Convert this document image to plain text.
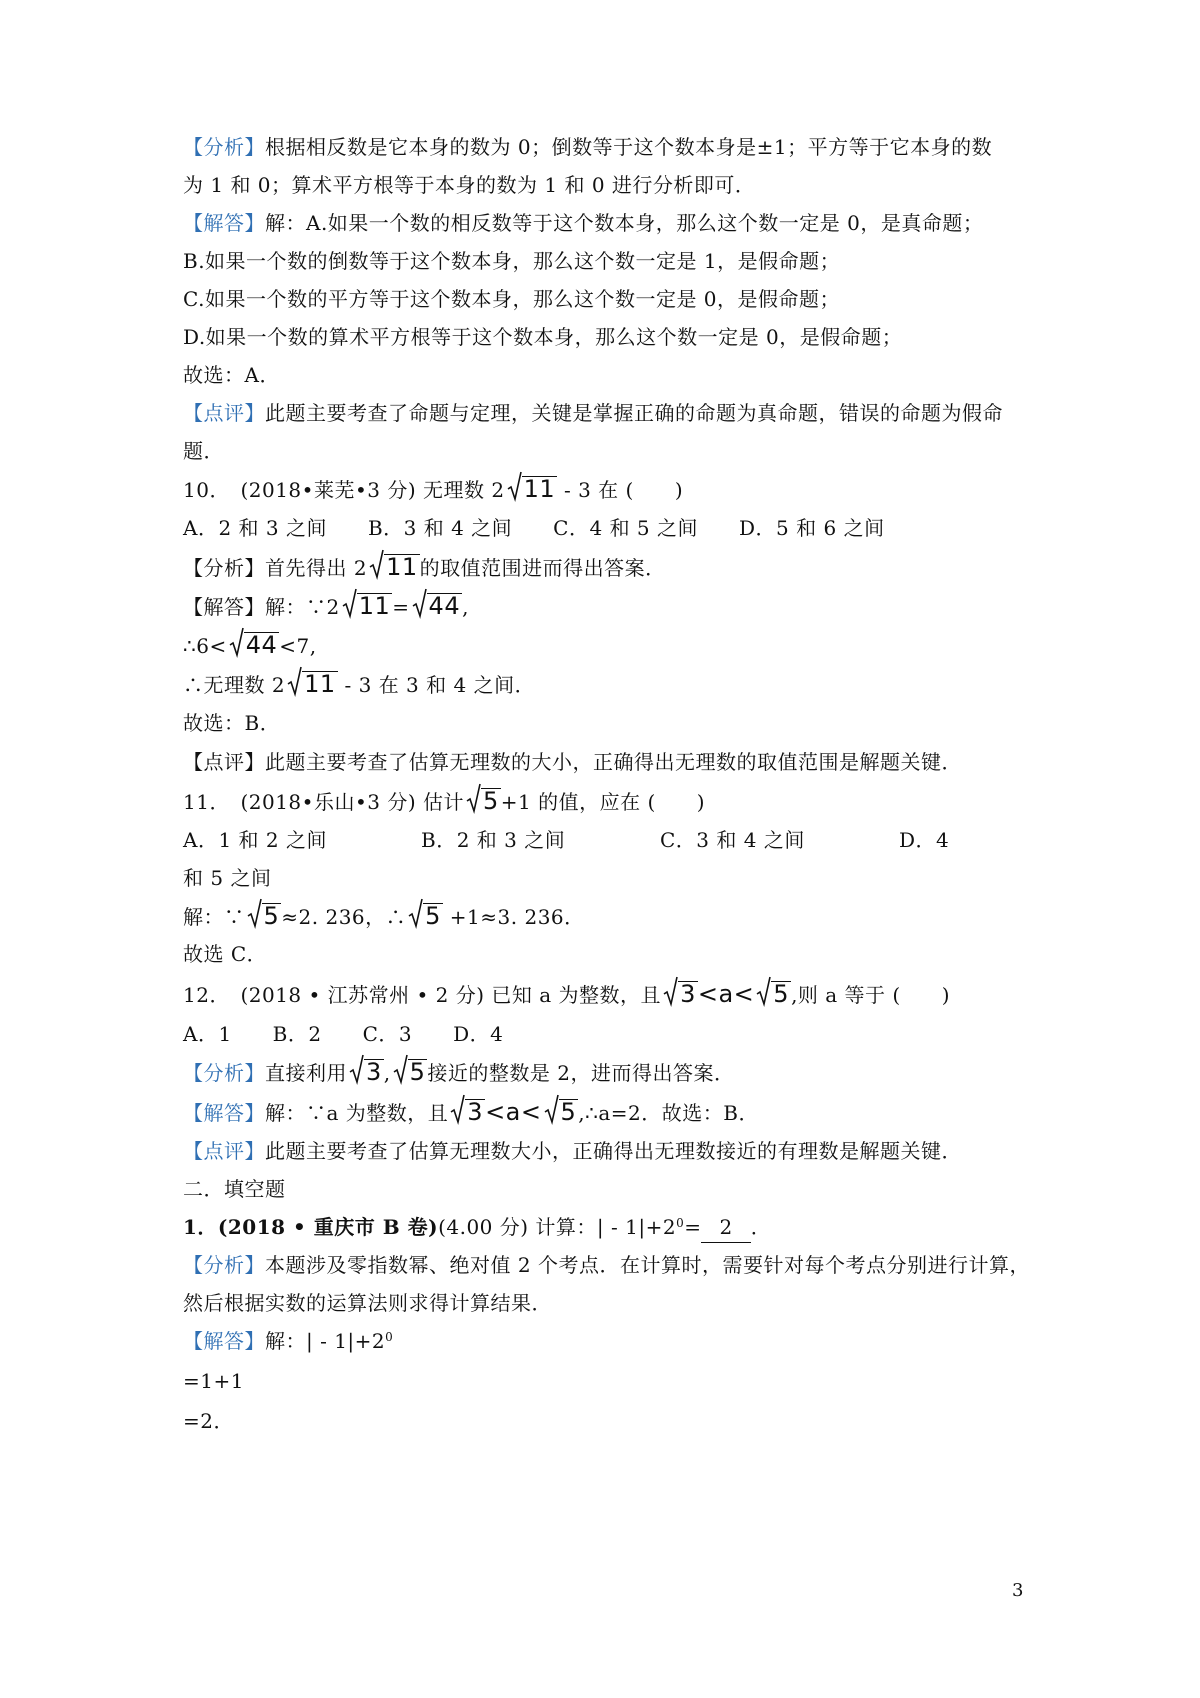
【分析】根据相反数是它本身的数为 0；倒数等于这个数本身是±1；平方等于它本身的数
为 1 和 0；算术平方根等于本身的数为 1 和 0 进行分析即可．
【解答】解：A.如果一个数的相反数等于这个数本身，那么这个数一定是 0，是真命题；
B.如果一个数的倒数等于这个数本身，那么这个数一定是 1，是假命题；
C.如果一个数的平方等于这个数本身，那么这个数一定是 0，是假命题；
D.如果一个数的算术平方根等于这个数本身，那么这个数一定是 0，是假命题；
故选：A．
【点评】此题主要考查了命题与定理，关键是掌握正确的命题为真命题，错误的命题为假命
题．
10．　(2018•莱芜•3 分) 无理数 2 11 - 3 在 (　　)
A．2 和 3 之间　　B．3 和 4 之间　　C．4 和 5 之间　　D．5 和 6 之间
【分析】首先得出 2 11 的取值范围进而得出答案．
【解答】解：∵2 11 = 44 ,
∴6< 44 <7,
∴无理数 2 11 - 3 在 3 和 4 之间．
故选：B．
【点评】此题主要考查了估算无理数的大小，正确得出无理数的取值范围是解题关键．
11．　(2018•乐山•3 分) 估计 5 +1 的值，应在 (　　)
A．1 和 2 之间	B．2 和 3 之间	C．3 和 4 之间	D．4
和 5 之间
解：∵ 5 ≈2. 236，∴ 5 +1≈3. 236．
故选 C．
12．　(2018 • 江苏常州 • 2 分) 已知 a 为整数，且 3<a< 5 ,则 a 等于 (　　)
A．1　　B．2　　C．3　　D．4
【分析】直接利用 3 , 5 接近的整数是 2，进而得出答案．
【解答】解：∵a 为整数，且 3<a< 5 ,∴a=2．故选：B．
【点评】此题主要考查了估算无理数大小，正确得出无理数接近的有理数是解题关键．
二．填空题
1．(2018 • 重庆市 B 卷)(4.00 分) 计算：| - $1|+2^0= 2$ ．
【分析】本题涉及零指数幂、绝对值 2 个考点．在计算时，需要针对每个考点分别进行计算，
然后根据实数的运算法则求得计算结果．
【解答】解：| - $1|+2^0$
=1+1
=2．
3
